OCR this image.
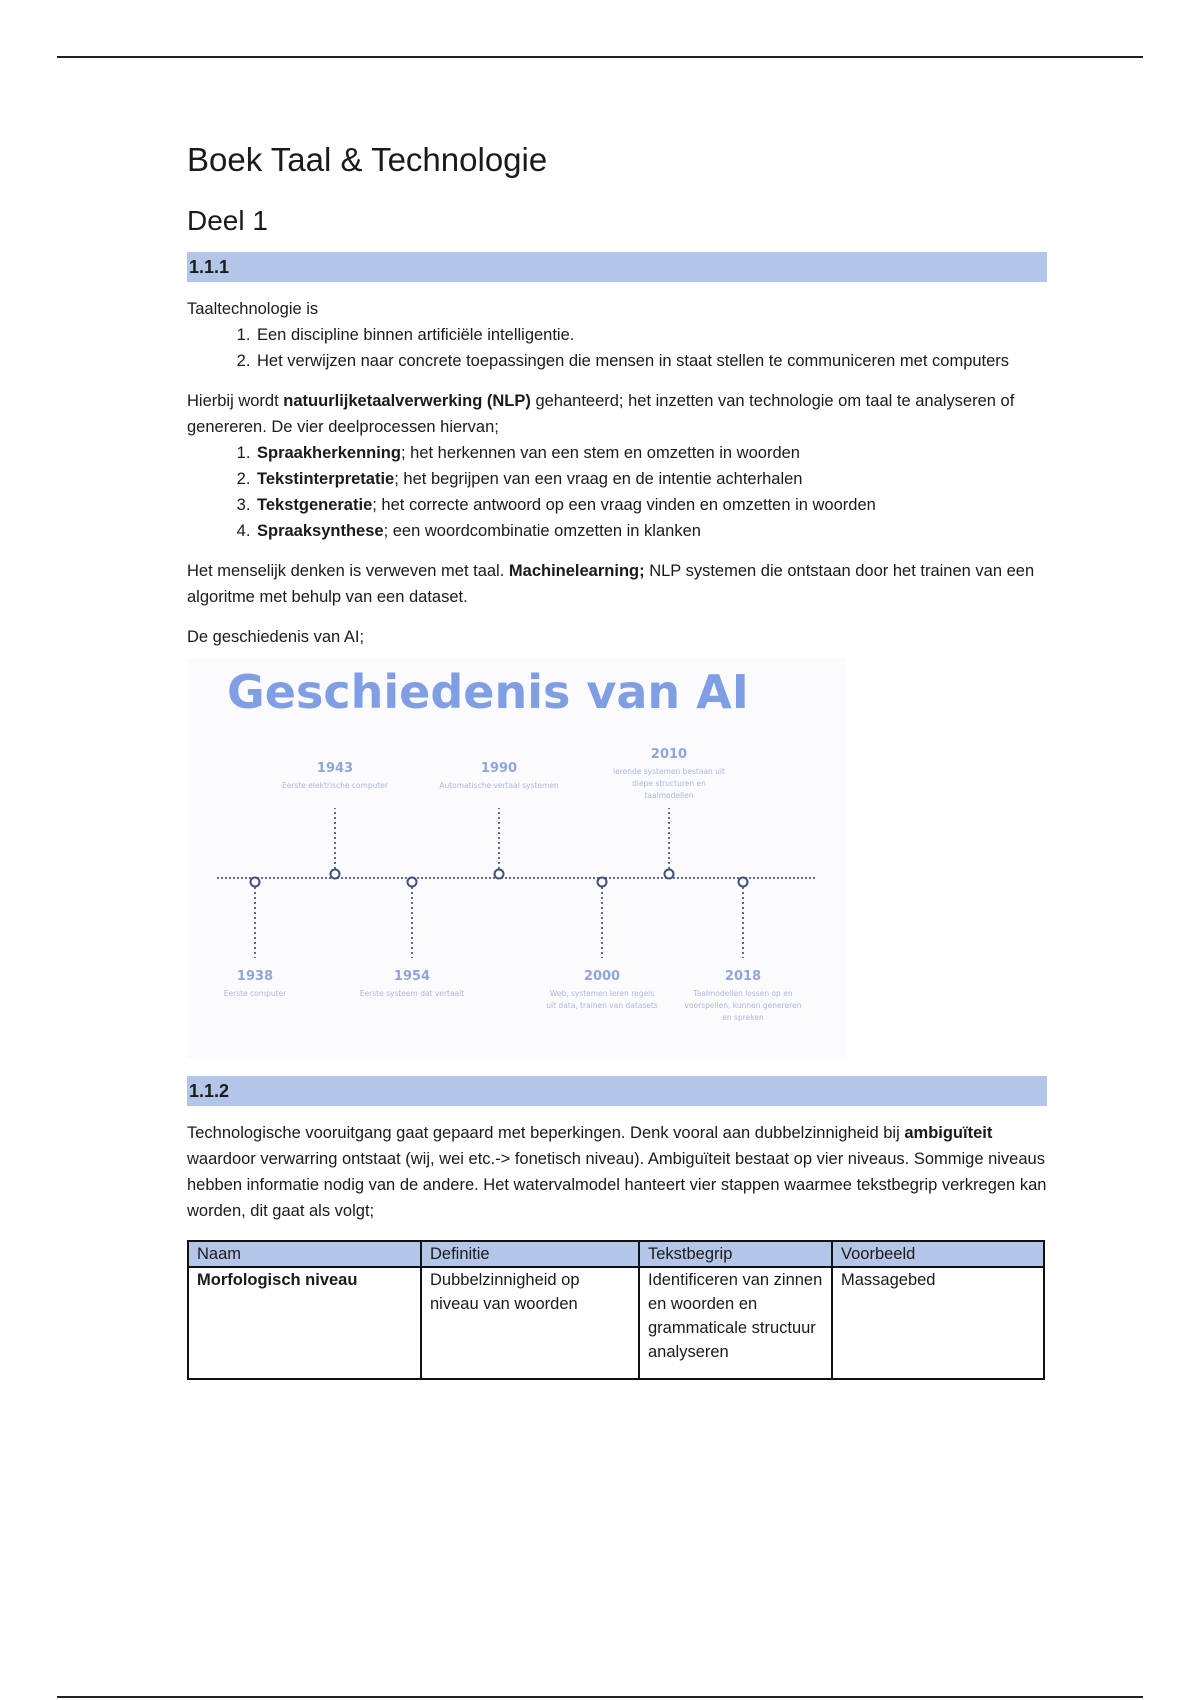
Boek Taal & Technologie
Deel 1
1.1.1

Taaltechnologie is

1. Een discipline binnen artificiële intelligentie.
2. Het verwijzen naar concrete toepassingen die mensen in staat stellen te communiceren met computers

Hierbij wordt natuurlijketaalverwerking (NLP) gehanteerd; het inzetten van technologie om taal te analyseren of genereren. De vier deelprocessen hiervan;

1. Spraakherkenning; het herkennen van een stem en omzetten in woorden
2. Tekstinterpretatie; het begrijpen van een vraag en de intentie achterhalen
3. Tekstgeneratie; het correcte antwoord op een vraag vinden en omzetten in woorden
4. Spraaksynthese; een woordcombinatie omzetten in klanken

Het menselijk denken is verweven met taal. Machinelearning; NLP systemen die ontstaan door het trainen van een algoritme met behulp van een dataset.

De geschiedenis van AI;

Geschiedenis van AI
1938
Eerste computer
1943
Eerste elektrische computer
1954
Eerste systeem dat vertaalt
1990
Automatische vertaal systemen
2000
Web, systemen leren regels
uit data, trainen van datasets
2010
lerende systemen bestaan uit
diepe structuren en
taalmodellen
2018
Taalmodellen lossen op en
voorspellen, kunnen genereren
en spreken
1.1.2

Technologische vooruitgang gaat gepaard met beperkingen. Denk vooral aan dubbelzinnigheid bij ambiguïteit waardoor verwarring ontstaat (wij, wei etc.-> fonetisch niveau). Ambiguïteit bestaat op vier niveaus. Sommige niveaus hebben informatie nodig van de andere. Het watervalmodel hanteert vier stappen waarmee tekstbegrip verkregen kan worden, dit gaat als volgt;

Naam	Definitie	Tekstbegrip	Voorbeeld
Morfologisch niveau	Dubbelzinnigheid op niveau van woorden	Identificeren van zinnen en woorden en grammaticale structuur analyseren	Massagebed
